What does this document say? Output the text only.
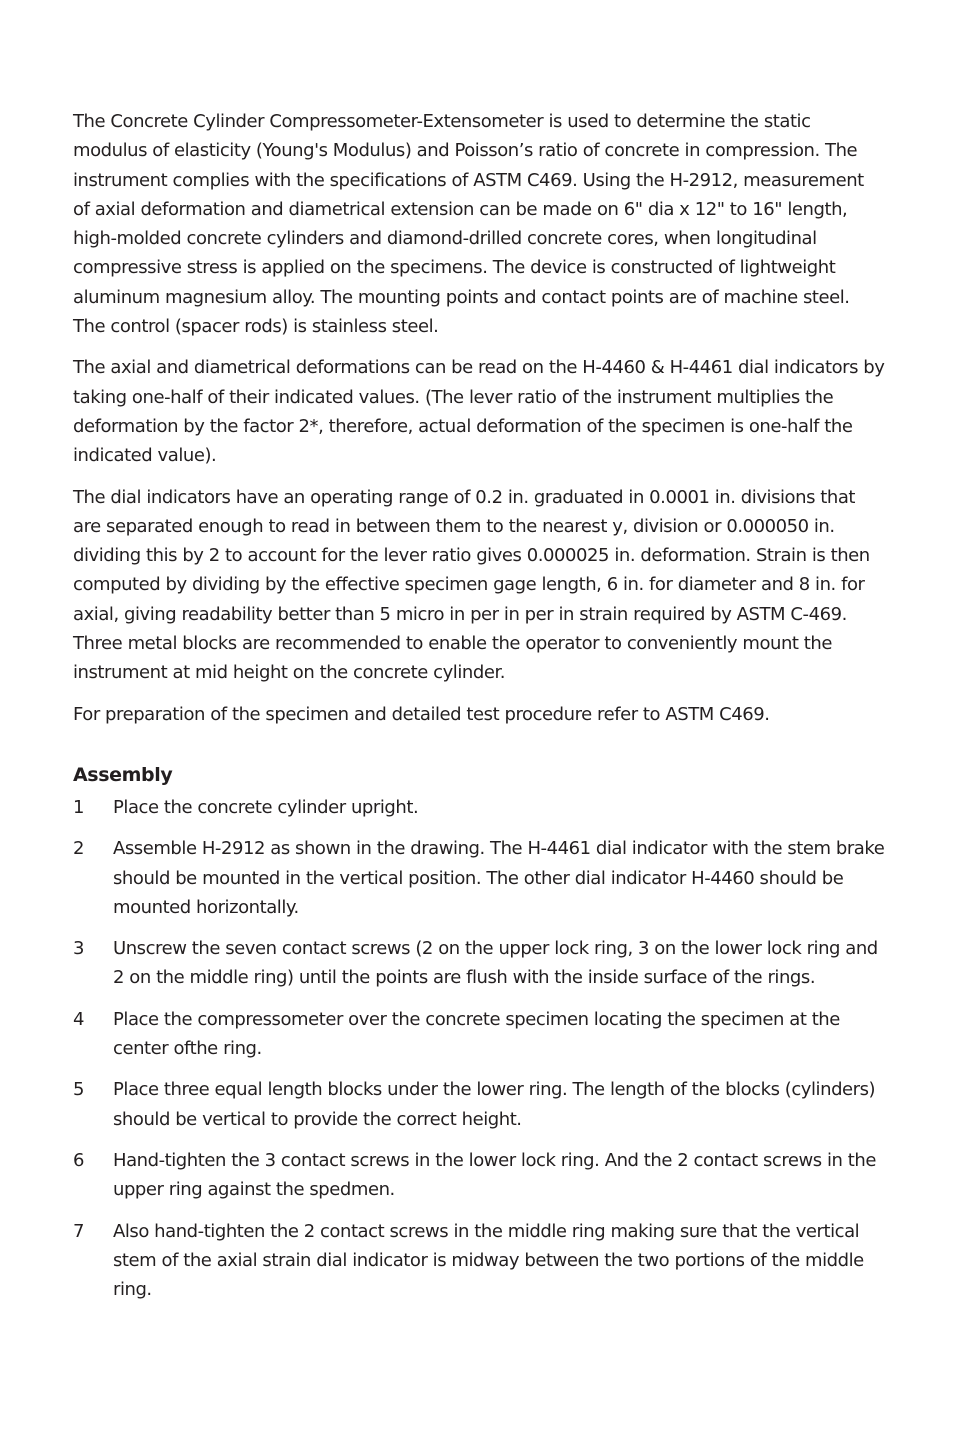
The Concrete Cylinder Compressometer-Extensometer is used to determine the static modulus of elasticity (Young's Modulus) and Poisson’s ratio of concrete in compression. The instrument complies with the specifications of ASTM C469. Using the H-2912, measurement of axial deformation and diametrical extension can be made on 6" dia x 12" to 16" length, high-molded concrete cylinders and diamond-drilled concrete cores, when longitudinal compressive stress is applied on the specimens. The device is constructed of lightweight aluminum magnesium alloy. The mounting points and contact points are of machine steel. The control (spacer rods) is stainless steel.

The axial and diametrical deformations can be read on the H-4460 & H-4461 dial indicators by taking one-half of their indicated values. (The lever ratio of the instrument multiplies the deformation by the factor 2*, therefore, actual deformation of the specimen is one-half the indicated value).

The dial indicators have an operating range of 0.2 in. graduated in 0.0001 in. divisions that are separated enough to read in between them to the nearest y, division or 0.000050 in. dividing this by 2 to account for the lever ratio gives 0.000025 in. deformation. Strain is then computed by dividing by the effective specimen gage length, 6 in. for diameter and 8 in. for axial, giving readability better than 5 micro in per in per in strain required by ASTM C-469. Three metal blocks are recommended to enable the operator to conveniently mount the instrument at mid height on the concrete cylinder.

For preparation of the specimen and detailed test procedure refer to ASTM C469.

Assembly
1 Place the concrete cylinder upright.
2 Assemble H-2912 as shown in the drawing. The H-4461 dial indicator with the stem brake should be mounted in the vertical position. The other dial indicator H-4460 should be mounted horizontally.
3 Unscrew the seven contact screws (2 on the upper lock ring, 3 on the lower lock ring and 2 on the middle ring) until the points are flush with the inside surface of the rings.
4 Place the compressometer over the concrete specimen locating the specimen at the center ofthe ring.
5 Place three equal length blocks under the lower ring. The length of the blocks (cylinders) should be vertical to provide the correct height.
6 Hand-tighten the 3 contact screws in the lower lock ring. And the 2 contact screws in the upper ring against the spedmen.
7 Also hand-tighten the 2 contact screws in the middle ring making sure that the vertical stem of the axial strain dial indicator is midway between the two portions of the middle ring.
